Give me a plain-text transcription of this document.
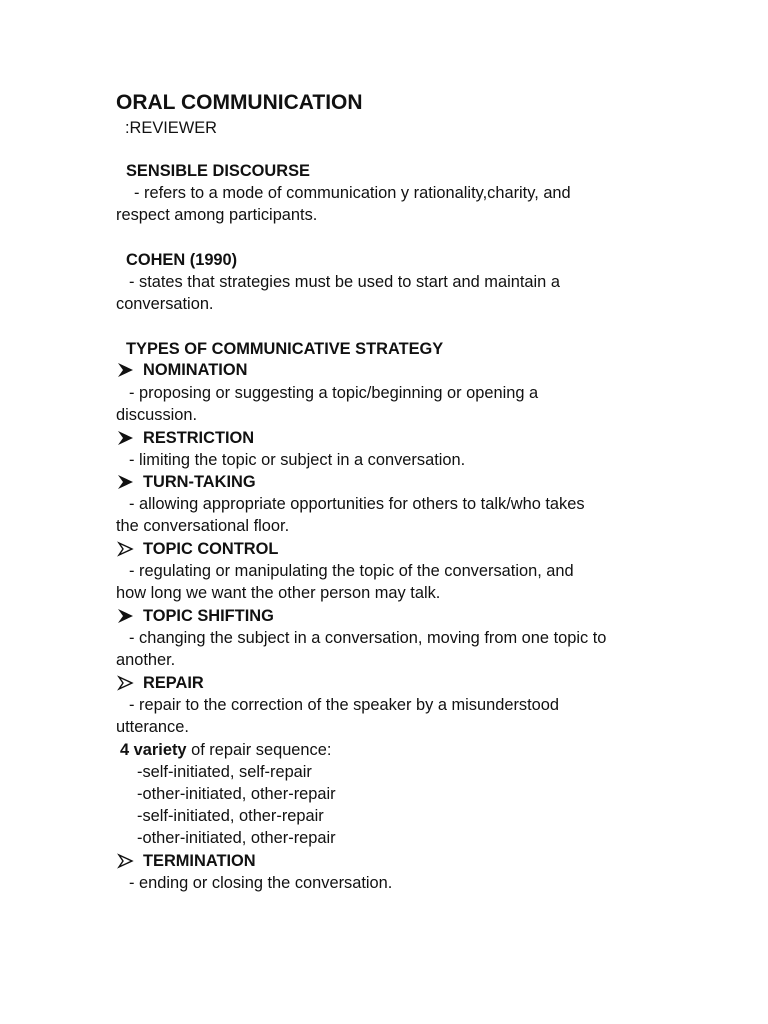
ORAL COMMUNICATION
:REVIEWER
SENSIBLE DISCOURSE
- refers to a mode of communication y rationality,charity, and
respect among participants.
COHEN (1990)
- states that strategies must be used to start and maintain a
conversation.
TYPES OF COMMUNICATIVE STRATEGY
NOMINATION
- proposing or suggesting a topic/beginning or opening a
discussion.
RESTRICTION
- limiting the topic or subject in a conversation.
TURN-TAKING
- allowing appropriate opportunities for others to talk/who takes
the conversational floor.
TOPIC CONTROL
- regulating or manipulating the topic of the conversation, and
how long we want the other person may talk.
TOPIC SHIFTING
- changing the subject in a conversation, moving from one topic to
another.
REPAIR
- repair to the correction of the speaker by a misunderstood
utterance.
4 variety of repair sequence:
-self-initiated, self-repair
-other-initiated, other-repair
-self-initiated, other-repair
-other-initiated, other-repair
TERMINATION
- ending or closing the conversation.
